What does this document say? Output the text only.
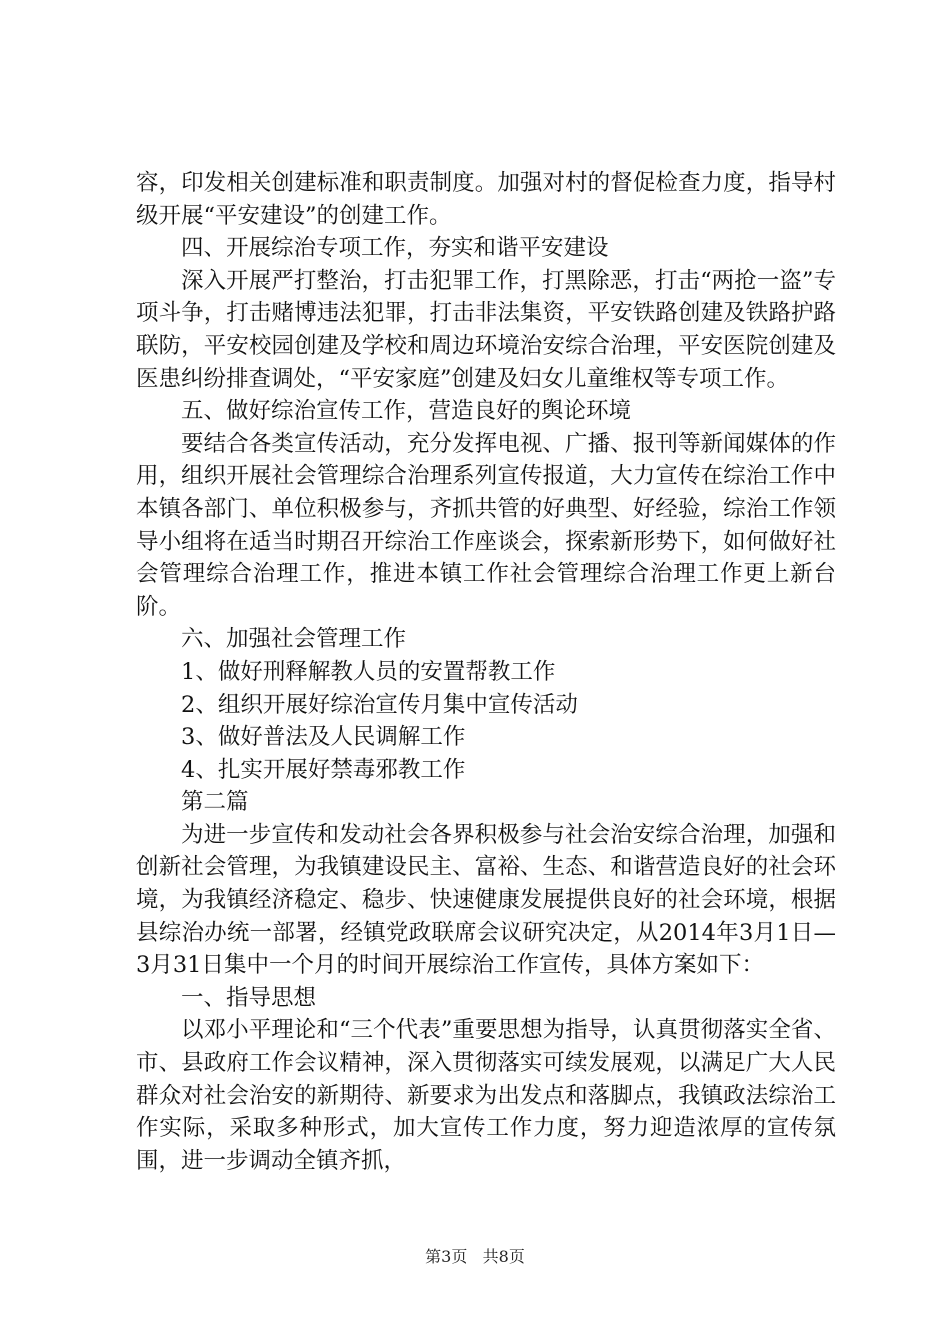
容，印发相关创建标准和职责制度。加强对村的督促检查力度，指导村级开展“平安建设”的创建工作。

四、开展综治专项工作，夯实和谐平安建设

深入开展严打整治，打击犯罪工作，打黑除恶，打击“两抢一盗”专项斗争，打击赌博违法犯罪，打击非法集资，平安铁路创建及铁路护路联防，平安校园创建及学校和周边环境治安综合治理，平安医院创建及医患纠纷排查调处，“平安家庭”创建及妇女儿童维权等专项工作。

五、做好综治宣传工作，营造良好的舆论环境

要结合各类宣传活动，充分发挥电视、广播、报刊等新闻媒体的作用，组织开展社会管理综合治理系列宣传报道，大力宣传在综治工作中本镇各部门、单位积极参与，齐抓共管的好典型、好经验，综治工作领导小组将在适当时期召开综治工作座谈会，探索新形势下，如何做好社会管理综合治理工作，推进本镇工作社会管理综合治理工作更上新台阶。

六、加强社会管理工作

1、做好刑释解教人员的安置帮教工作

2、组织开展好综治宣传月集中宣传活动

3、做好普法及人民调解工作

4、扎实开展好禁毒邪教工作

第二篇

为进一步宣传和发动社会各界积极参与社会治安综合治理，加强和创新社会管理，为我镇建设民主、富裕、生态、和谐营造良好的社会环境，为我镇经济稳定、稳步、快速健康发展提供良好的社会环境，根据县综治办统一部署，经镇党政联席会议研究决定，从2014年3月1日—3月31日集中一个月的时间开展综治工作宣传，具体方案如下：

一、指导思想

以邓小平理论和“三个代表”重要思想为指导，认真贯彻落实全省、市、县政府工作会议精神，深入贯彻落实可续发展观，以满足广大人民群众对社会治安的新期待、新要求为出发点和落脚点，我镇政法综治工作实际，采取多种形式，加大宣传工作力度，努力迎造浓厚的宣传氛围，进一步调动全镇齐抓，

第3页 共8页
